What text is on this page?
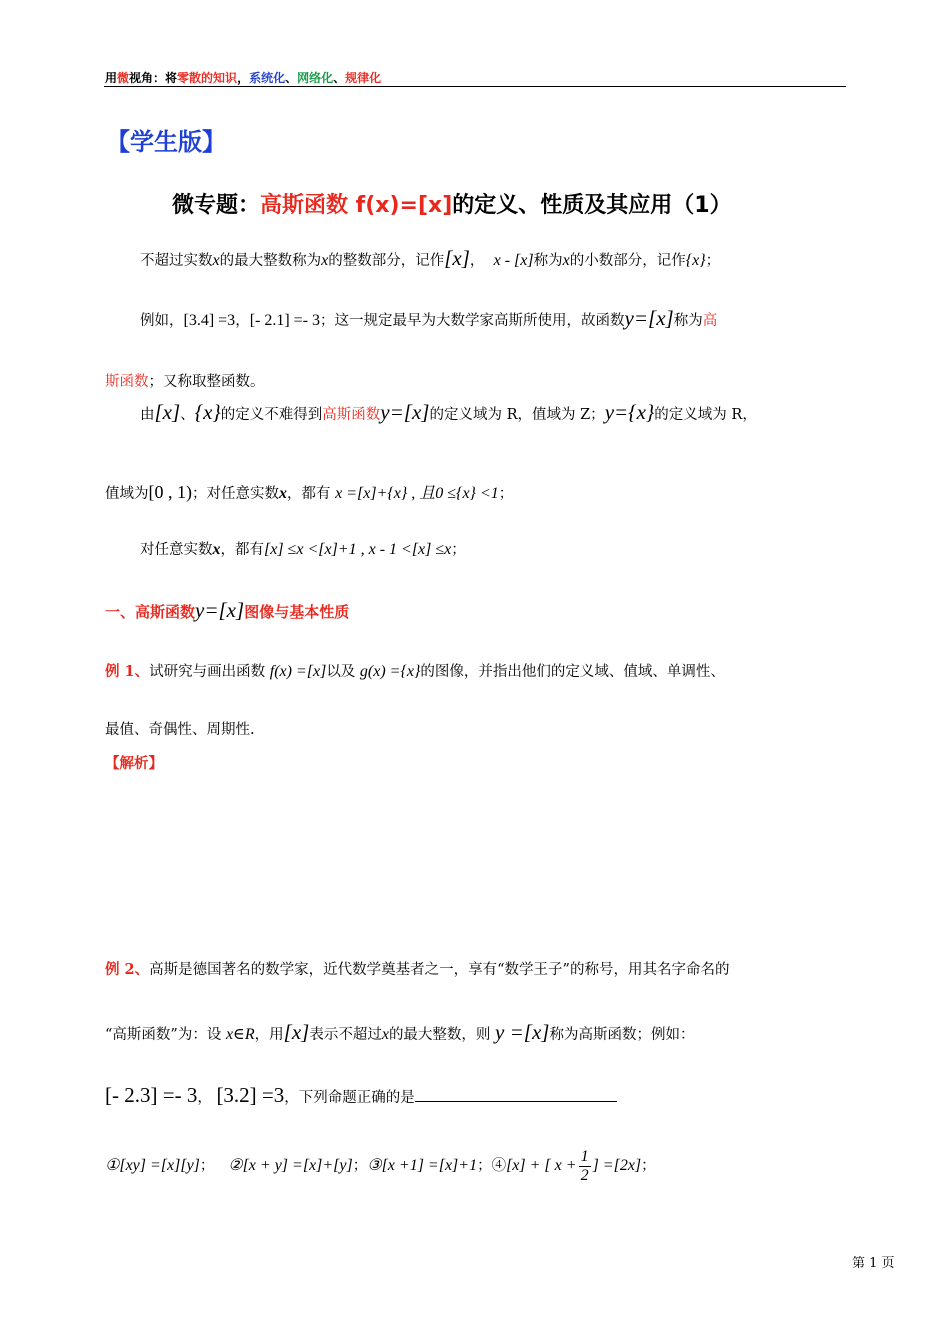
用微视角：将零散的知识，系统化、网络化、规律化
【学生版】
微专题：高斯函数 f(x)=[x]的定义、性质及其应用（1）
不超过实数x的最大整数称为x的整数部分，记作[x]， x - [x]称为x的小数部分，记作{x}；
例如，[3.4] =3，[- 2.1] =- 3；这一规定最早为大数学家高斯所使用，故函数y=[x]称为高
斯函数；又称取整函数。
由[x]、{x}的定义不难得到高斯函数y=[x]的定义域为 R，值域为 Z；y={x}的定义域为 R，
值域为[0 , 1)；对任意实数x，都有 x =[x]+{x} , 且0 ≤{x} <1；
对任意实数x，都有[x] ≤x <[x]+1 , x - 1 <[x] ≤x；
一、高斯函数y=[x]图像与基本性质
例 1、试研究与画出函数 f(x) =[x]以及 g(x) ={x}的图像，并指出他们的定义域、值域、单调性、
最值、奇偶性、周期性.
【解析】
例 2、高斯是德国著名的数学家，近代数学奠基者之一，享有“数学王子”的称号，用其名字命名的
“高斯函数”为：设 x∈R，用[x]表示不超过x的最大整数，则 y =[x]称为高斯函数；例如：
[- 2.3] =- 3， [3.2] =3，下列命题正确的是
①[xy] =[x][y]； ②[x + y] =[x]+[y]；③[x +1] =[x]+1；④[x] + [ $x + \frac{1}{2}$ ] =[2x]；
第 1 页
